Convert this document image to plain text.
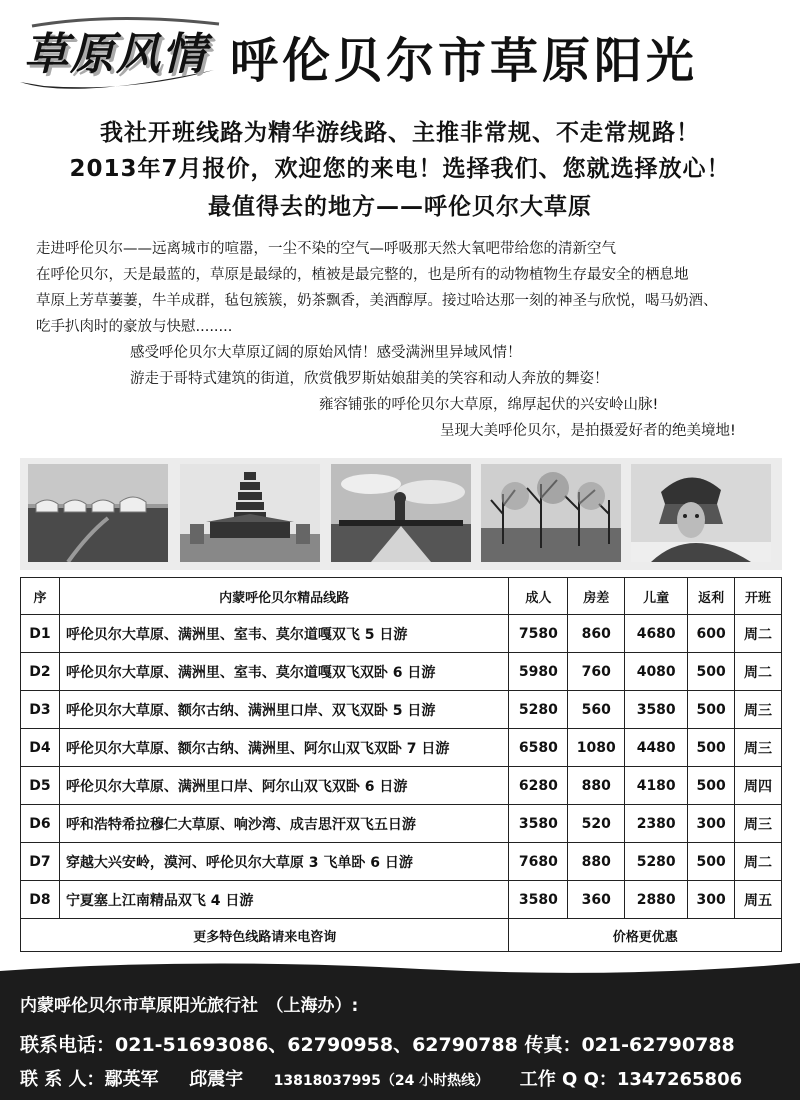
草原风情 呼伦贝尔市草原阳光
我社开班线路为精华游线路、主推非常规、不走常规路！
2013年7月报价，欢迎您的来电！选择我们、您就选择放心！
最值得去的地方——呼伦贝尔大草原
走进呼伦贝尔——远离城市的喧嚣，一尘不染的空气—呼吸那天然大氧吧带给您的清新空气
在呼伦贝尔，天是最蓝的，草原是最绿的，植被是最完整的，也是所有的动物植物生存最安全的栖息地
草原上芳草萋萋，牛羊成群，毡包簇簇，奶茶飘香，美酒醇厚。接过哈达那一刻的神圣与欣悦，喝马奶酒、
吃手扒肉时的豪放与快慰........
感受呼伦贝尔大草原辽阔的原始风情！感受满洲里异域风情！
游走于哥特式建筑的街道，欣赏俄罗斯姑娘甜美的笑容和动人奔放的舞姿！
雍容铺张的呼伦贝尔大草原，绵厚起伏的兴安岭山脉!
呈现大美呼伦贝尔，是拍摄爱好者的绝美境地!
序	内蒙呼伦贝尔精品线路	成人	房差	儿童	返利	开班
D1	呼伦贝尔大草原、满洲里、室韦、莫尔道嘎双飞 5 日游	7580	860	4680	600	周二
D2	呼伦贝尔大草原、满洲里、室韦、莫尔道嘎双飞双卧 6 日游	5980	760	4080	500	周二
D3	呼伦贝尔大草原、额尔古纳、满洲里口岸、双飞双卧 5 日游	5280	560	3580	500	周三
D4	呼伦贝尔大草原、额尔古纳、满洲里、阿尔山双飞双卧 7 日游	6580	1080	4480	500	周三
D5	呼伦贝尔大草原、满洲里口岸、阿尔山双飞双卧 6 日游	6280	880	4180	500	周四
D6	呼和浩特希拉穆仁大草原、响沙湾、成吉思汗双飞五日游	3580	520	2380	300	周三
D7	穿越大兴安岭，漠河、呼伦贝尔大草原 3 飞单卧 6 日游	7680	880	5280	500	周二
D8	宁夏塞上江南精品双飞 4 日游	3580	360	2880	300	周五
更多特色线路请来电咨询		价格更优惠				
内蒙呼伦贝尔市草原阳光旅行社　（上海办）:
联系电话：021-51693086、62790958、62790788 传真：021-62790788
联 系 人：鄢英军 邱震宇 13818037995（24 小时热线） 工作 Q Q：1347265806
